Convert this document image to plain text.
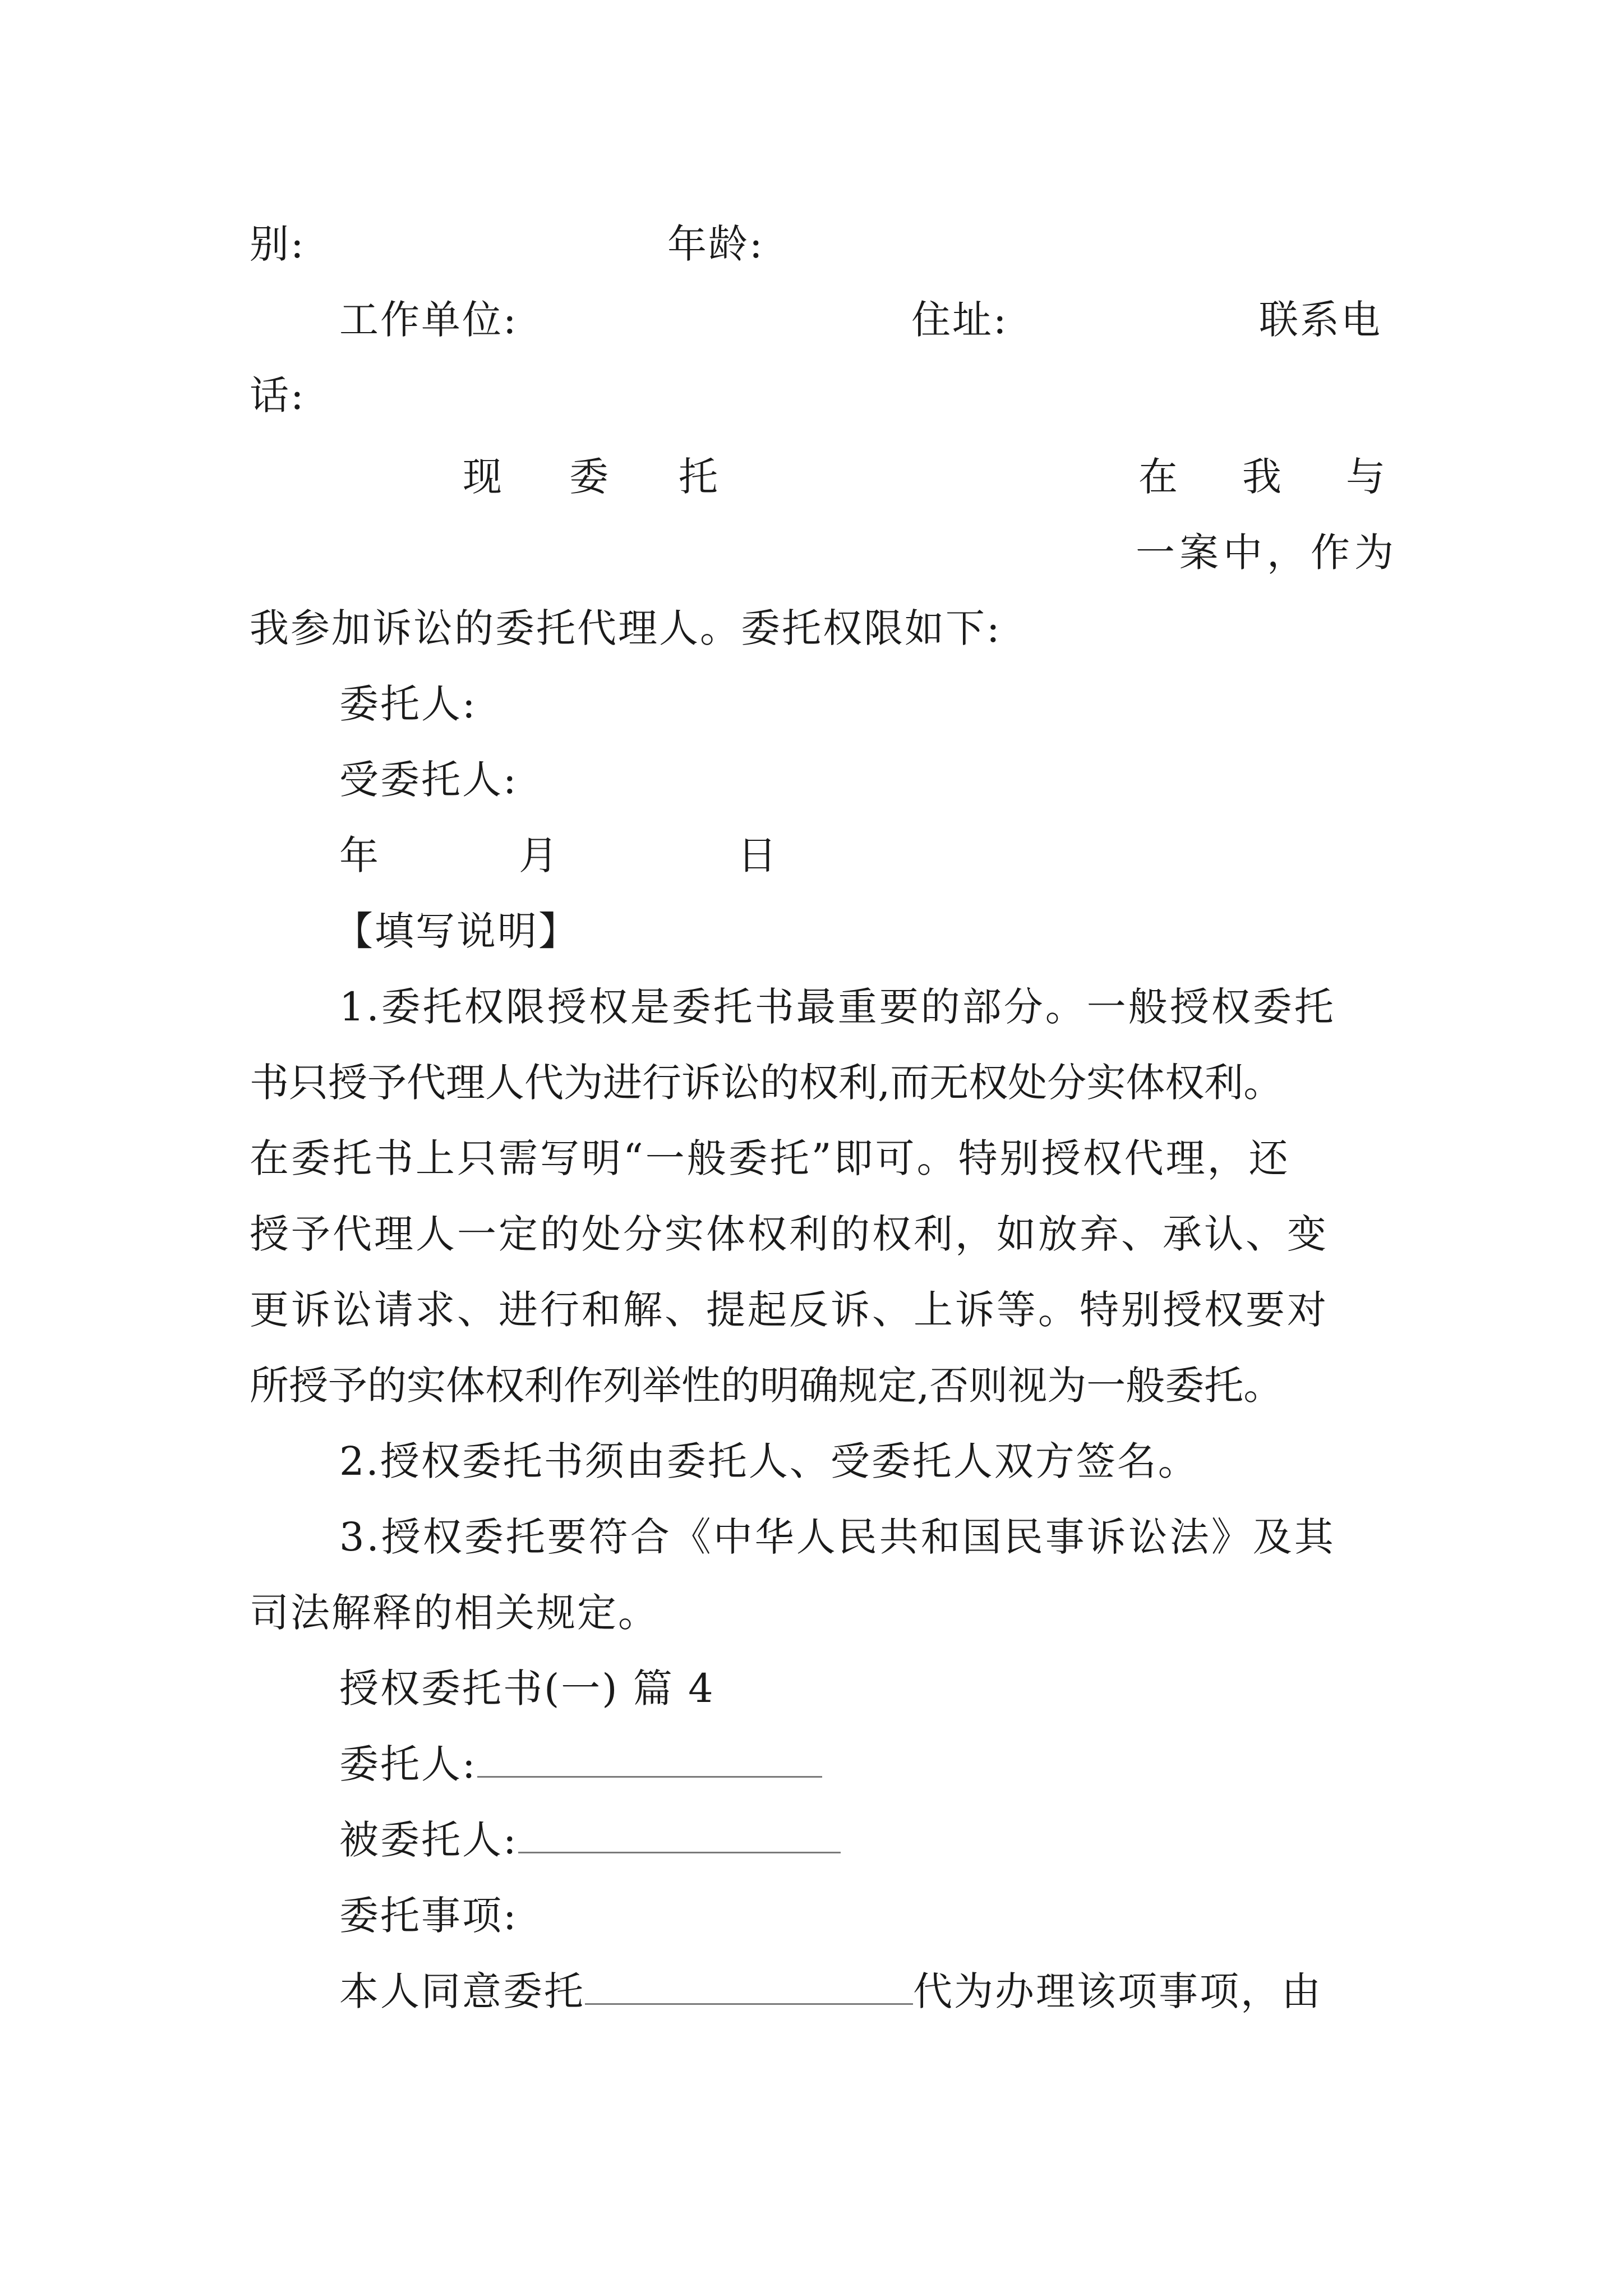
别:	年龄:
工作单位:	住址:	联系电
话:
现 委 托	在 我 与
一案中，作为
我参加诉讼的委托代理人。委托权限如下:
委托人:
受委托人:
年	月	日
【填写说明】
1.委托权限授权是委托书最重要的部分。一般授权委托
书只授予代理人代为进行诉讼的权利,而无权处分实体权利。
在委托书上只需写明“一般委托”即可。特别授权代理，还
授予代理人一定的处分实体权利的权利，如放弃、承认、变
更诉讼请求、进行和解、提起反诉、上诉等。特别授权要对
所授予的实体权利作列举性的明确规定,否则视为一般委托。
2.授权委托书须由委托人、受委托人双方签名。
3.授权委托要符合《中华人民共和国民事诉讼法》及其
司法解释的相关规定。
授权委托书(一) 篇 4
委托人:
被委托人:
委托事项:
本人同意委托	代为办理该项事项，由
